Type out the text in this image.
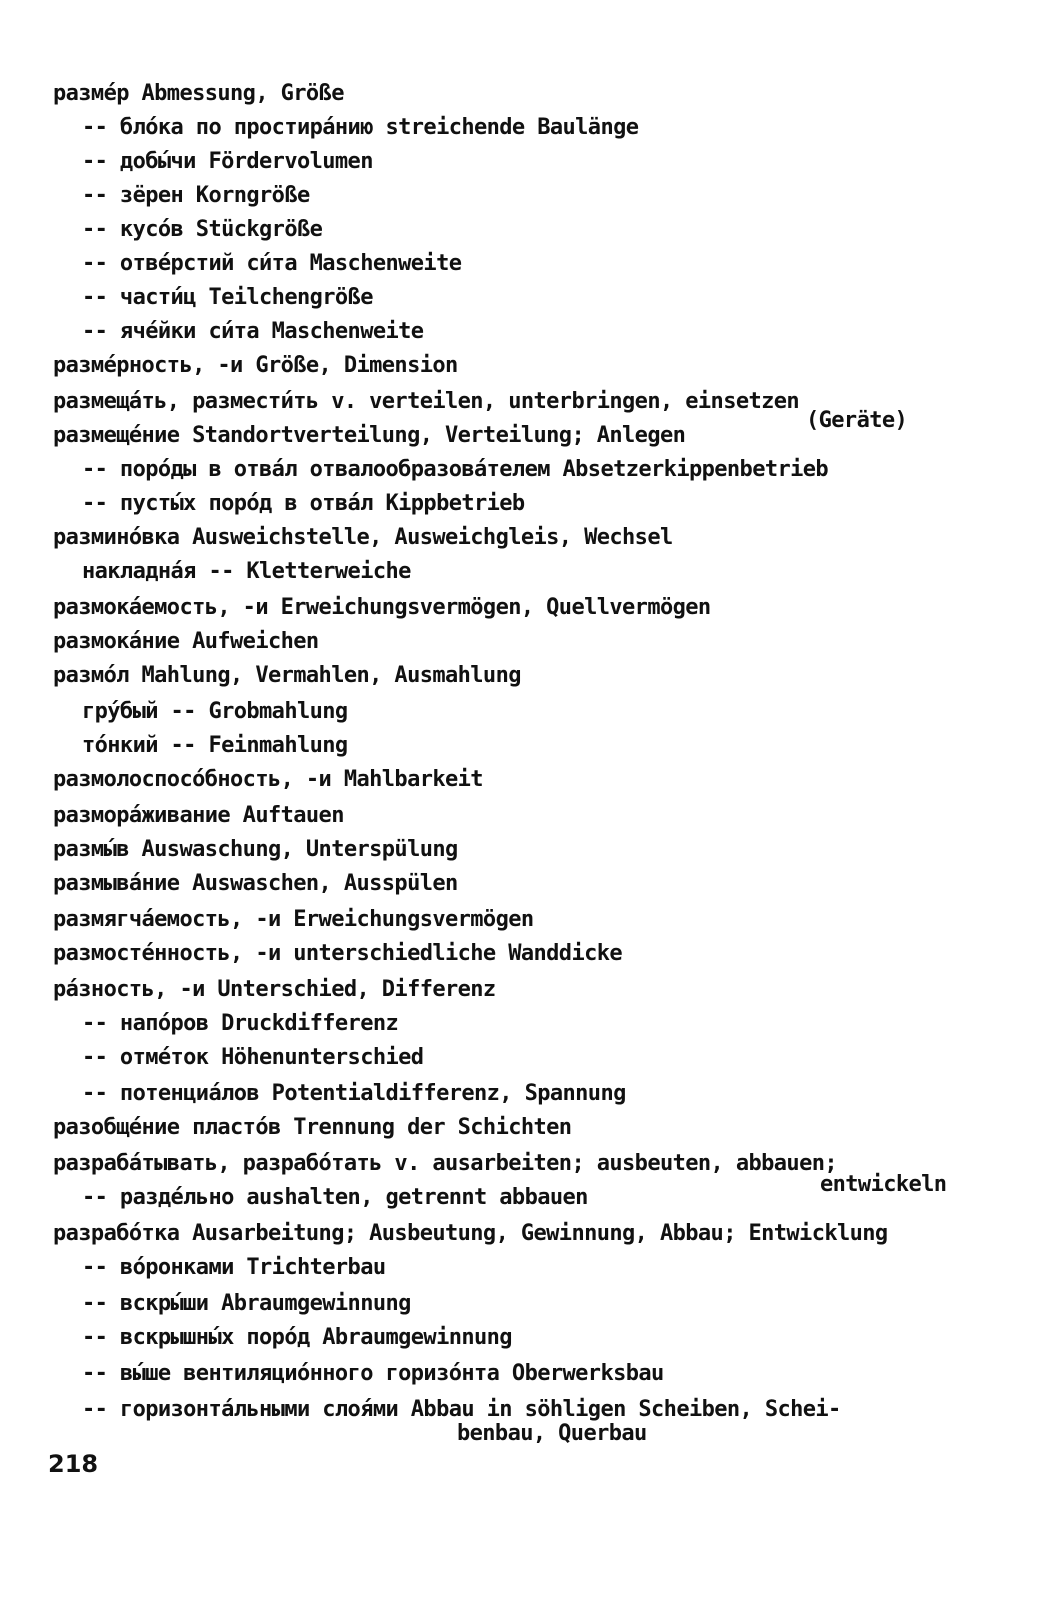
размéр Abmessung, Größe
-- блóка по простирáнию streichende Baulänge
-- добы́чи Fördervolumen
-- зёрен Korngröße
-- кусóв Stückgröße
-- отвéрстий си́та Maschenweite
-- части́ц Teilchengröße
-- ячéйки си́та Maschenweite
размéрность, -и Größe, Dimension
размещáть, размести́ть v. verteilen, unterbringen, einsetzen
(Geräte)
размещéние Standortverteilung, Verteilung; Anlegen
-- порóды в отвáл отвалообразовáтелем Absetzerkippenbetrieb
-- пусты́х порóд в отвáл Kippbetrieb
разминóвка Ausweichstelle, Ausweichgleis, Wechsel
накладнáя -- Kletterweiche
размокáемость, -и Erweichungsvermögen, Quellvermögen
размокáние Aufweichen
размóл Mahlung, Vermahlen, Ausmahlung
грýбый -- Grobmahlung
тóнкий -- Feinmahlung
размолоспосóбность, -и Mahlbarkeit
разморáживание Auftauen
размы́в Auswaschung, Unterspülung
размывáние Auswaschen, Ausspülen
размягчáемость, -и Erweichungsvermögen
размостéнность, -и unterschiedliche Wanddicke
рáзность, -и Unterschied, Differenz
-- напóров Druckdifferenz
-- отмéток Höhenunterschied
-- потенциáлов Potentialdifferenz, Spannung
разобщéние пластóв Trennung der Schichten
разрабáтывать, разрабóтать v. ausarbeiten; ausbeuten, abbauen;
entwickeln
-- раздéльно aushalten, getrennt abbauen
разрабóтка Ausarbeitung; Ausbeutung, Gewinnung, Abbau; Entwicklung
-- вóронками Trichterbau
-- вскры́ши Abraumgewinnung
-- вскрышны́х порóд Abraumgewinnung
-- вы́ше вентиляциóнного горизóнта Oberwerksbau
-- горизонтáльными слоя́ми Abbau in söhligen Scheiben, Schei-
benbau, Querbau
218
